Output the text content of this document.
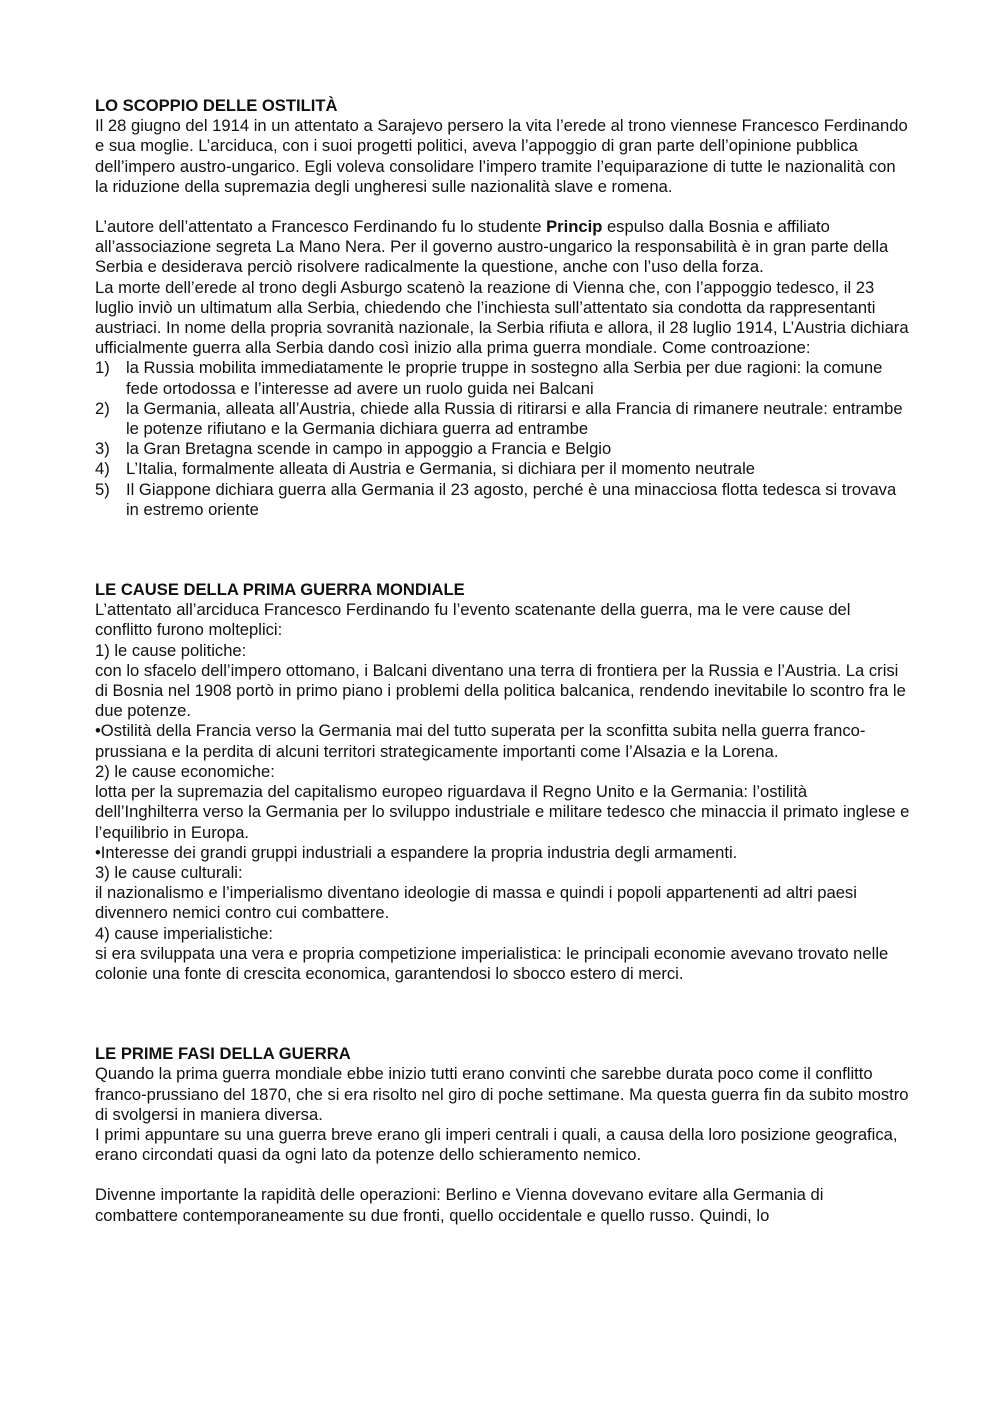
LO SCOPPIO DELLE OSTILITÀ

Il 28 giugno del 1914 in un attentato a Sarajevo persero la vita l’erede al trono viennese Francesco Ferdinando e sua moglie. L’arciduca, con i suoi progetti politici, aveva l’appoggio di gran parte dell’opinione pubblica dell’impero austro-ungarico. Egli voleva consolidare l’impero tramite l’equiparazione di tutte le nazionalità con la riduzione della supremazia degli ungheresi sulle nazionalità slave e romena.

L’autore dell’attentato a Francesco Ferdinando fu lo studente Princip espulso dalla Bosnia e affiliato all’associazione segreta La Mano Nera. Per il governo austro-ungarico la responsabilità è in gran parte della Serbia e desiderava perciò risolvere radicalmente la questione, anche con l’uso della forza.

La morte dell’erede al trono degli Asburgo scatenò la reazione di Vienna che, con l’appoggio tedesco, il 23 luglio inviò un ultimatum alla Serbia, chiedendo che l’inchiesta sull’attentato sia condotta da rappresentanti austriaci. In nome della propria sovranità nazionale, la Serbia rifiuta e allora, il 28 luglio 1914, L’Austria dichiara ufficialmente guerra alla Serbia dando così inizio alla prima guerra mondiale. Come controazione:

1) la Russia mobilita immediatamente le proprie truppe in sostegno alla Serbia per due ragioni: la comune fede ortodossa e l’interesse ad avere un ruolo guida nei Balcani
2) la Germania, alleata all’Austria, chiede alla Russia di ritirarsi e alla Francia di rimanere neutrale: entrambe le potenze rifiutano e la Germania dichiara guerra ad entrambe
3) la Gran Bretagna scende in campo in appoggio a Francia e Belgio
4) L’Italia, formalmente alleata di Austria e Germania, si dichiara per il momento neutrale
5) Il Giappone dichiara guerra alla Germania il 23 agosto, perché è una minacciosa flotta tedesca si trovava in estremo oriente

LE CAUSE DELLA PRIMA GUERRA MONDIALE

L’attentato all’arciduca Francesco Ferdinando fu l’evento scatenante della guerra, ma le vere cause del conflitto furono molteplici:

1) le cause politiche:

con lo sfacelo dell’impero ottomano, i Balcani diventano una terra di frontiera per la Russia e l’Austria. La crisi di Bosnia nel 1908 portò in primo piano i problemi della politica balcanica, rendendo inevitabile lo scontro fra le due potenze.

•Ostilità della Francia verso la Germania mai del tutto superata per la sconfitta subita nella guerra franco-prussiana e la perdita di alcuni territori strategicamente importanti come l’Alsazia e la Lorena.

2) le cause economiche:

lotta per la supremazia del capitalismo europeo riguardava il Regno Unito e la Germania: l’ostilità dell’Inghilterra verso la Germania per lo sviluppo industriale e militare tedesco che minaccia il primato inglese e l’equilibrio in Europa.

•Interesse dei grandi gruppi industriali a espandere la propria industria degli armamenti.

3) le cause culturali:

il nazionalismo e l’imperialismo diventano ideologie di massa e quindi i popoli appartenenti ad altri paesi divennero nemici contro cui combattere.

4) cause imperialistiche:

si era sviluppata una vera e propria competizione imperialistica: le principali economie avevano trovato nelle colonie una fonte di crescita economica, garantendosi lo sbocco estero di merci.

LE PRIME FASI DELLA GUERRA

Quando la prima guerra mondiale ebbe inizio tutti erano convinti che sarebbe durata poco come il conflitto franco-prussiano del 1870, che si era risolto nel giro di poche settimane. Ma questa guerra fin da subito mostro di svolgersi in maniera diversa.

I primi appuntare su una guerra breve erano gli imperi centrali i quali, a causa della loro posizione geografica, erano circondati quasi da ogni lato da potenze dello schieramento nemico.

Divenne importante la rapidità delle operazioni: Berlino e Vienna dovevano evitare alla Germania di combattere contemporaneamente su due fronti, quello occidentale e quello russo. Quindi, lo
